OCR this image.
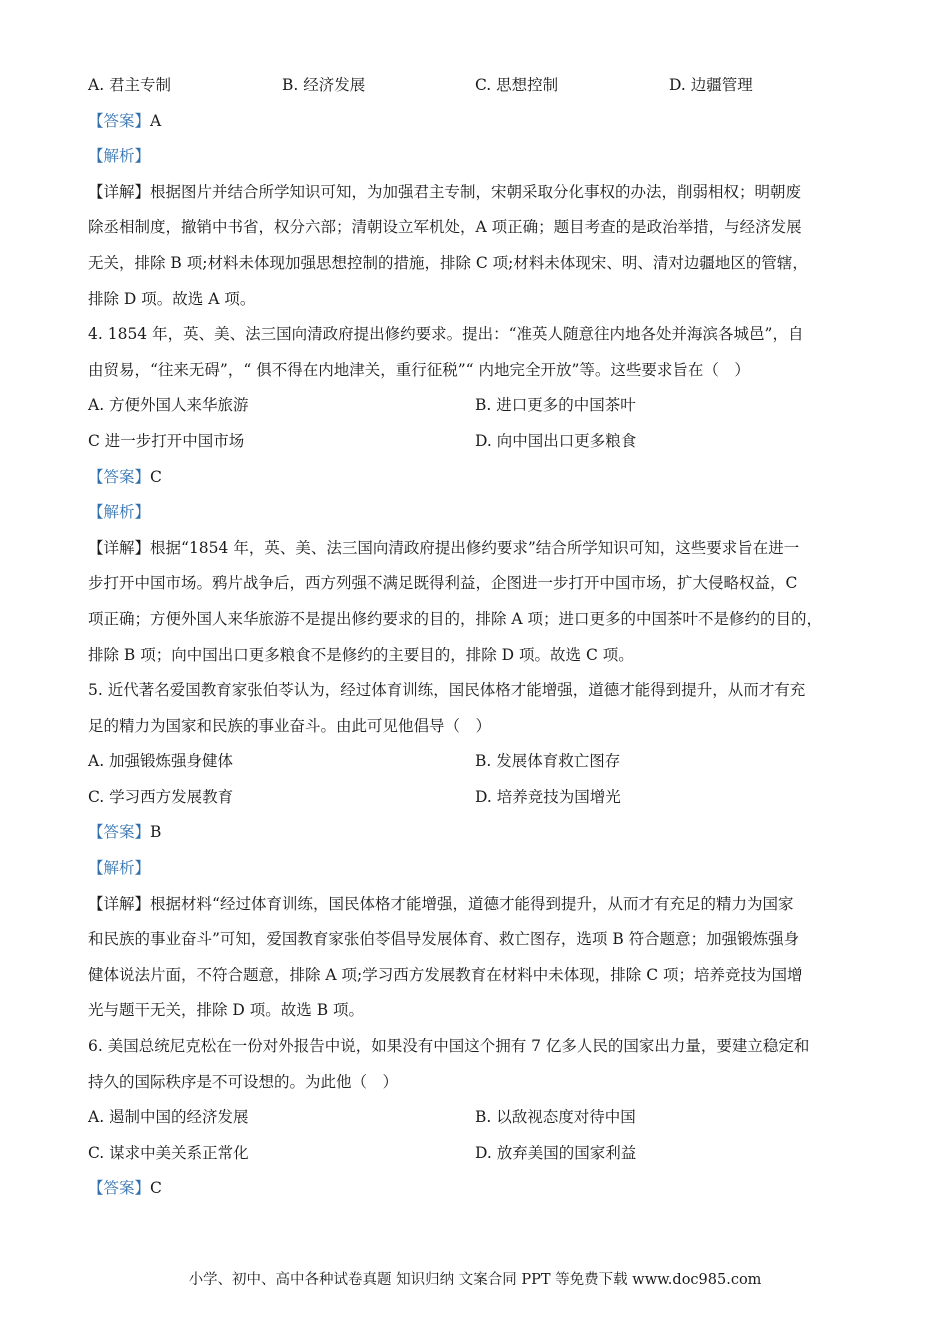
A. 君主专制	B. 经济发展	C. 思想控制	D. 边疆管理
【答案】A
【解析】
【详解】根据图片并结合所学知识可知，为加强君主专制，宋朝采取分化事权的办法，削弱相权；明朝废
除丞相制度，撤销中书省，权分六部；清朝设立军机处，A 项正确；题目考查的是政治举措，与经济发展
无关，排除 B 项;材料未体现加强思想控制的措施，排除 C 项;材料未体现宋、明、清对边疆地区的管辖，
排除 D 项。故选 A 项。
4. 1854 年，英、美、法三国向清政府提出修约要求。提出：“准英人随意往内地各处并海滨各城邑”，自
由贸易，“往来无碍”，“ 俱不得在内地津关，重行征税”“ 内地完全开放”等。这些要求旨在（　）
A. 方便外国人来华旅游	B. 进口更多的中国茶叶
C 进一步打开中国市场	D. 向中国出口更多粮食
【答案】C
【解析】
【详解】根据“1854 年，英、美、法三国向清政府提出修约要求”结合所学知识可知，这些要求旨在进一
步打开中国市场。鸦片战争后，西方列强不满足既得利益，企图进一步打开中国市场，扩大侵略权益，C
项正确；方便外国人来华旅游不是提出修约要求的目的，排除 A 项；进口更多的中国茶叶不是修约的目的，
排除 B 项；向中国出口更多粮食不是修约的主要目的，排除 D 项。故选 C 项。
5. 近代著名爱国教育家张伯苓认为，经过体育训练，国民体格才能增强，道德才能得到提升，从而才有充
足的精力为国家和民族的事业奋斗。由此可见他倡导（　）
A. 加强锻炼强身健体	B. 发展体育救亡图存
C. 学习西方发展教育	D. 培养竞技为国增光
【答案】B
【解析】
【详解】根据材料“经过体育训练，国民体格才能增强，道德才能得到提升，从而才有充足的精力为国家
和民族的事业奋斗”可知，爱国教育家张伯苓倡导发展体育、救亡图存，选项 B 符合题意；加强锻炼强身
健体说法片面，不符合题意，排除 A 项;学习西方发展教育在材料中未体现，排除 C 项；培养竞技为国增
光与题干无关，排除 D 项。故选 B 项。
6. 美国总统尼克松在一份对外报告中说，如果没有中国这个拥有 7 亿多人民的国家出力量，要建立稳定和
持久的国际秩序是不可设想的。为此他（　）
A. 遏制中国的经济发展	B. 以敌视态度对待中国
C. 谋求中美关系正常化	D. 放弃美国的国家利益
【答案】C
小学、初中、高中各种试卷真题 知识归纳 文案合同 PPT 等免费下载 www.doc985.com
